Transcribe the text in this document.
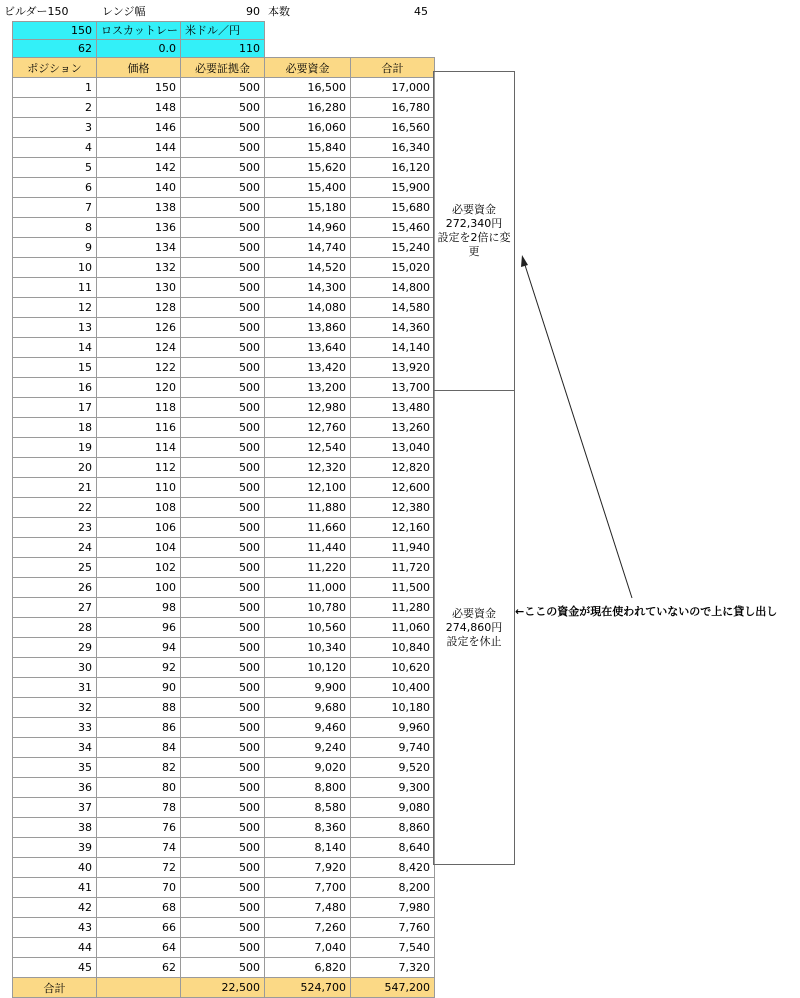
ビルダー150	レンジ幅	90 本数	45
150 ロスカットレー 米ドル／円
62	0.0	110
ポジション	価格	必要証拠金	必要資金	合計
1	150	500	16,500	17,000
2	148	500	16,280	16,780
3	146	500	16,060	16,560
4	144	500	15,840	16,340
5	142	500	15,620	16,120
6	140	500	15,400	15,900
7	138	500	15,180	15,680
8	136	500	14,960	15,460
9	134	500	14,740	15,240
10	132	500	14,520	15,020
11	130	500	14,300	14,800
12	128	500	14,080	14,580
13	126	500	13,860	14,360
14	124	500	13,640	14,140
15	122	500	13,420	13,920
16	120	500	13,200	13,700
17	118	500	12,980	13,480
18	116	500	12,760	13,260
19	114	500	12,540	13,040
20	112	500	12,320	12,820
21	110	500	12,100	12,600
22	108	500	11,880	12,380
23	106	500	11,660	12,160
24	104	500	11,440	11,940
25	102	500	11,220	11,720
26	100	500	11,000	11,500
27	98	500	10,780	11,280
28	96	500	10,560	11,060
29	94	500	10,340	10,840
30	92	500	10,120	10,620
31	90	500	9,900	10,400
32	88	500	9,680	10,180
33	86	500	9,460	9,960
34	84	500	9,240	9,740
35	82	500	9,020	9,520
36	80	500	8,800	9,300
37	78	500	8,580	9,080
38	76	500	8,360	8,860
39	74	500	8,140	8,640
40	72	500	7,920	8,420
41	70	500	7,700	8,200
42	68	500	7,480	7,980
43	66	500	7,260	7,760
44	64	500	7,040	7,540
45	62	500	6,820	7,320
合計		22,500	524,700	547,200
必要資金
272,340円
設定を2倍に変
更
必要資金
274,860円
設定を休止
←ここの資金が現在使われていないので上に貸し出し
